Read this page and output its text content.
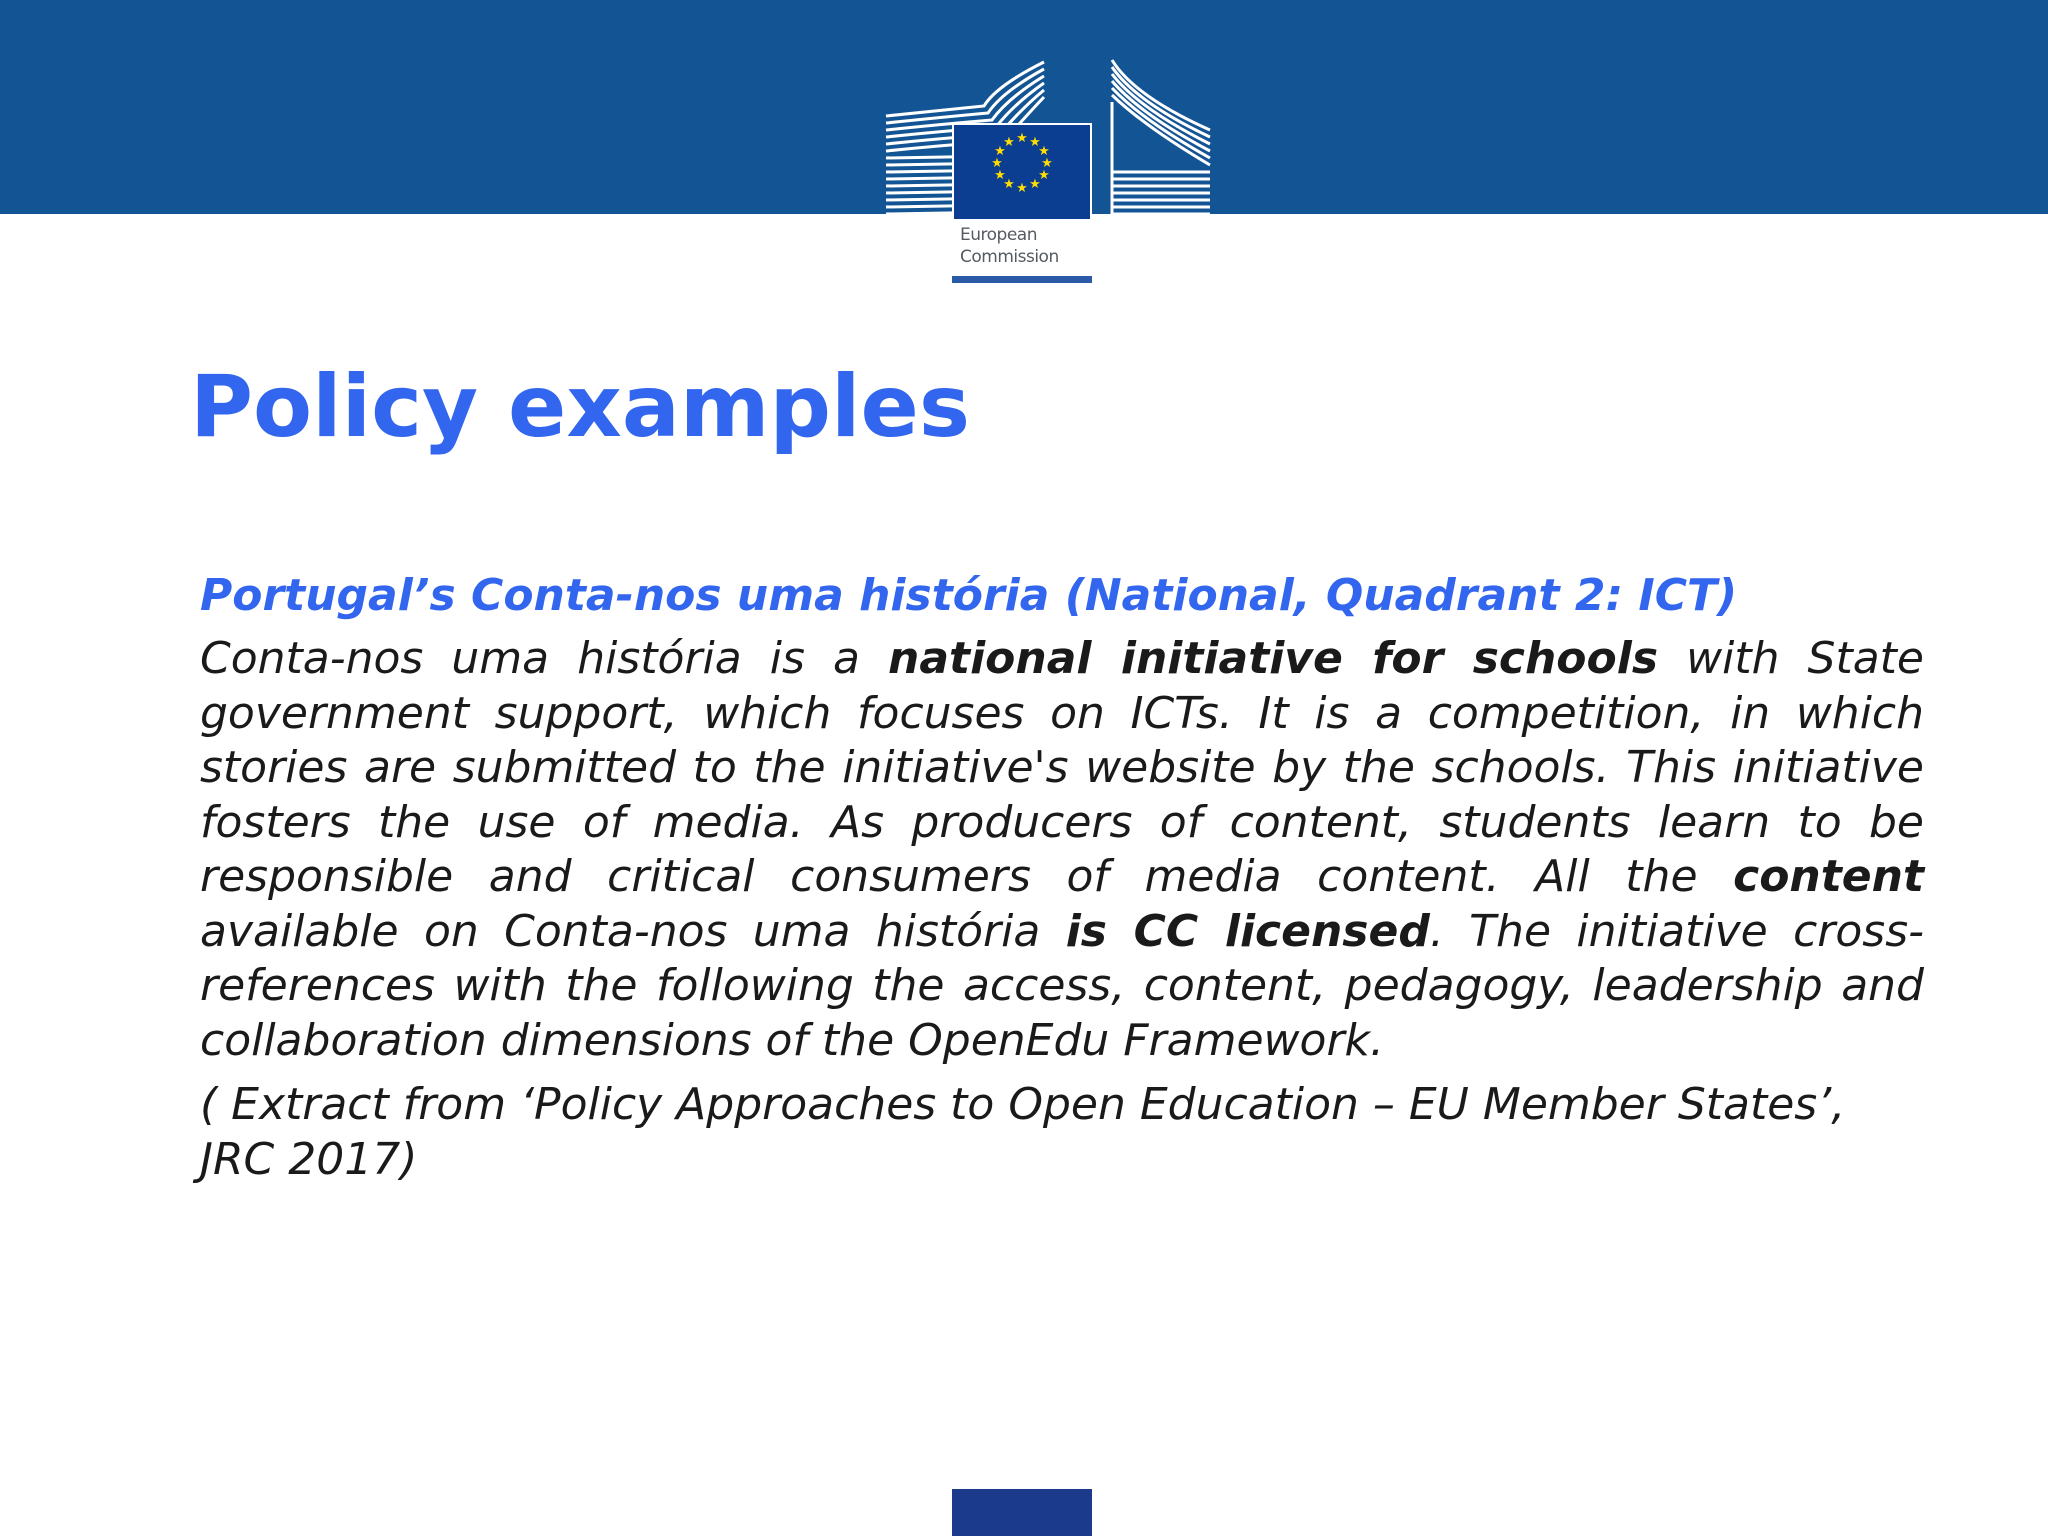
★ ★
★
★
★
★
★
★
★
★
★
★
European
Commission
Policy examples

Portugal’s Conta-nos uma história (National, Quadrant 2: ICT)

Conta-nos uma história is a national initiative for schools with State government support, which focuses on ICTs. It is a competition, in which stories are submitted to the initiative's website by the schools. This initiative fosters the use of media. As producers of content, students learn to be responsible and critical consumers of media content. All the content available on Conta-nos uma história is CC licensed. The initiative cross-references with the following the access, content, pedagogy, leadership and collaboration dimensions of the OpenEdu Framework.

( Extract from ‘Policy Approaches to Open Education – EU Member States’, JRC 2017)
